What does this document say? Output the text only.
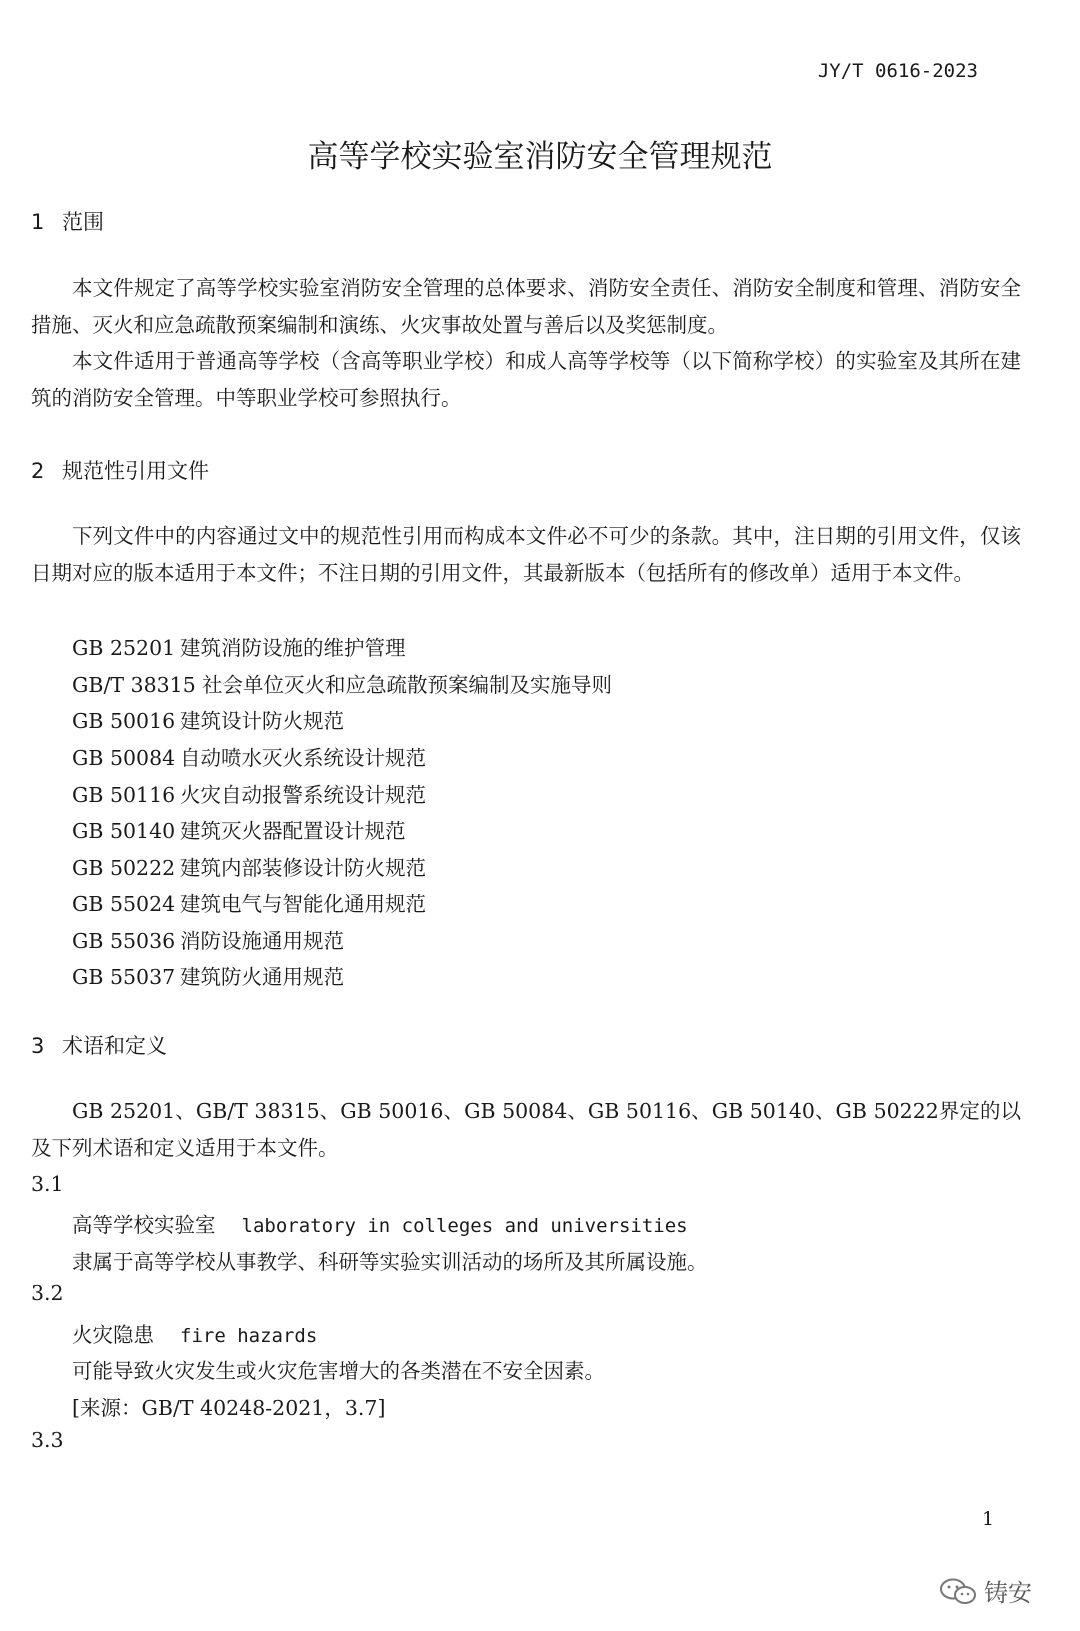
JY/T 0616-2023
高等学校实验室消防安全管理规范
1 范围
本文件规定了高等学校实验室消防安全管理的总体要求、消防安全责任、消防安全制度和管理、消防安全措施、灭火和应急疏散预案编制和演练、火灾事故处置与善后以及奖惩制度。
本文件适用于普通高等学校（含高等职业学校）和成人高等学校等（以下简称学校）的实验室及其所在建筑的消防安全管理。中等职业学校可参照执行。
2 规范性引用文件
下列文件中的内容通过文中的规范性引用而构成本文件必不可少的条款。其中，注日期的引用文件，仅该日期对应的版本适用于本文件；不注日期的引用文件，其最新版本（包括所有的修改单）适用于本文件。
GB 25201 建筑消防设施的维护管理
GB/T 38315 社会单位灭火和应急疏散预案编制及实施导则
GB 50016 建筑设计防火规范
GB 50084 自动喷水灭火系统设计规范
GB 50116 火灾自动报警系统设计规范
GB 50140 建筑灭火器配置设计规范
GB 50222 建筑内部装修设计防火规范
GB 55024 建筑电气与智能化通用规范
GB 55036 消防设施通用规范
GB 55037 建筑防火通用规范
3 术语和定义
GB 25201、GB/T 38315、GB 50016、GB 50084、GB 50116、GB 50140、GB 50222界定的以及下列术语和定义适用于本文件。
3.1
高等学校实验室 laboratory in colleges and universities
隶属于高等学校从事教学、科研等实验实训活动的场所及其所属设施。
3.2
火灾隐患 fire hazards
可能导致火灾发生或火灾危害增大的各类潜在不安全因素。
[来源：GB/T 40248-2021，3.7]
3.3
1
铸安
